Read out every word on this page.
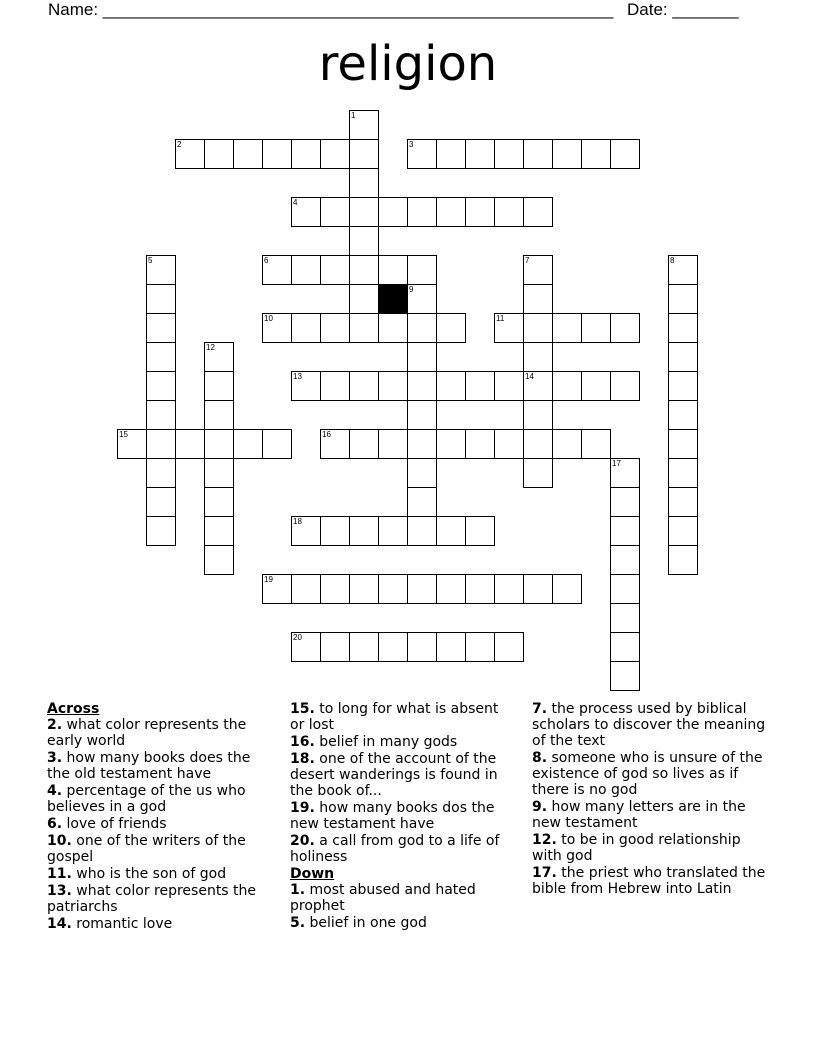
Name: ______________________________________________________ Date: _______
religion
1
2	3
4
5	6	7
14
8
9
10	11
12
13
15	16
17
18
19
20
Across
2. what color represents the early world
3. how many books does the the old testament have
4. percentage of the us who believes in a god
6. love of friends
10. one of the writers of the gospel
11. who is the son of god
13. what color represents the patriarchs
14. romantic love
15. to long for what is absent or lost
16. belief in many gods
18. one of the account of the desert wanderings is found in the book of...
19. how many books dos the new testament have
20. a call from god to a life of holiness
Down
1. most abused and hated prophet
5. belief in one god
7. the process used by biblical scholars to discover the meaning of the text
8. someone who is unsure of the existence of god so lives as if there is no god
9. how many letters are in the new testament
12. to be in good relationship with god
17. the priest who translated the bible from Hebrew into Latin
